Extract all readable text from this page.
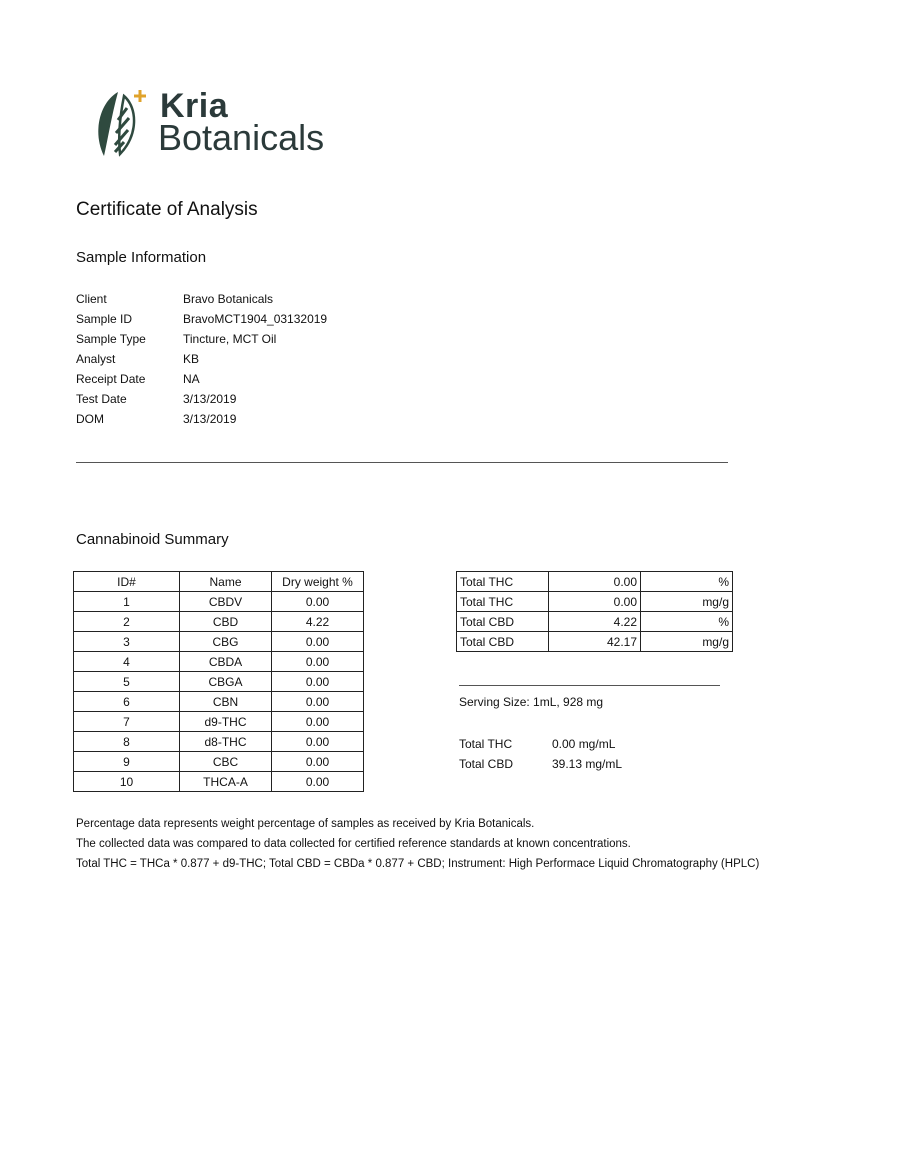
Kria
Botanicals
Certificate of Analysis
Sample Information
Client	Bravo Botanicals
Sample ID	BravoMCT1904_03132019
Sample Type	Tincture, MCT Oil
Analyst	KB
Receipt Date	NA
Test Date	3/13/2019
DOM	3/13/2019
Cannabinoid Summary
ID#	Name	Dry weight %
1	CBDV	0.00
2	CBD	4.22
3	CBG	0.00
4	CBDA	0.00
5	CBGA	0.00
6	CBN	0.00
7	d9-THC	0.00
8	d8-THC	0.00
9	CBC	0.00
10	THCA-A	0.00
Total THC	0.00	%
Total THC	0.00	mg/g
Total CBD	4.22	%
Total CBD	42.17	mg/g
Serving Size: 1mL, 928 mg
Total THC	0.00 mg/mL
Total CBD	39.13 mg/mL
Percentage data represents weight percentage of samples as received by Kria Botanicals.
The collected data was compared to data collected for certified reference standards at known concentrations.
Total THC = THCa * 0.877 + d9-THC; Total CBD = CBDa * 0.877 + CBD; Instrument: High Performace Liquid Chromatography (HPLC)
